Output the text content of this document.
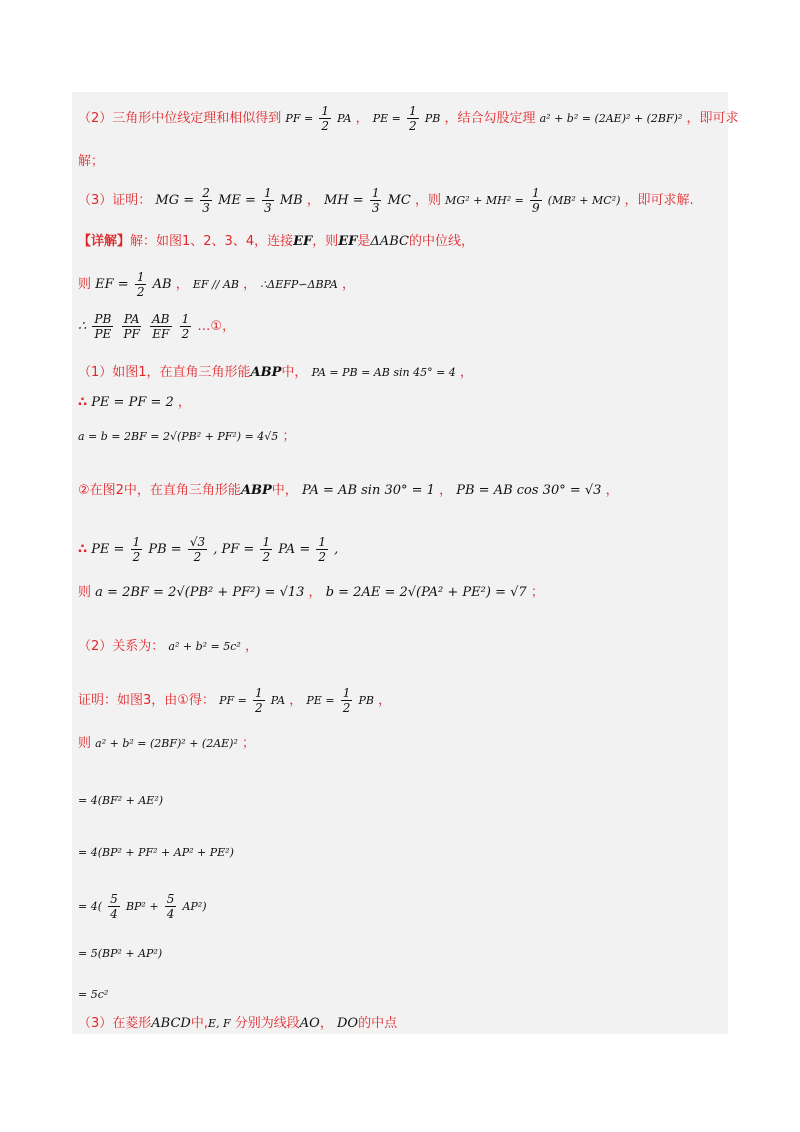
（2）三角形中位线定理和相似得到 PF = $\frac{1}{2}$ PA ， PE = $\frac{1}{2}$ PB ，结合勾股定理 a² + b² = (2AE)² + (2BF)² ，即可求
解；
（3）证明： MG = $\frac{2}{3}$ ME = $\frac{1}{3}$ MB ， MH = $\frac{1}{3}$ MC ，则 $MG^2 + MH^2 = \frac{1}{9} (MB^2 + MC^2)$ ，即可求解.
【详解】解：如图1、2、3、4，连接EF，则EF是ΔABC的中位线，
则 EF = $\frac{1}{2}$ AB ， EF // AB ， ∴ΔEFP∽ΔBPA ，
∴ $\frac{PB}{PE}$
$\frac{PA}{PF}$
$\frac{AB}{EF}$
$\frac{1}{2}$ …①，
（1）如图1，在直角三角形能ABP中， PA = PB = AB sin 45° = 4 ，
∴ PE = PF = 2 ，
a = b = 2BF = 2√(PB² + PF²) = 4√5 ；
②在图2中，在直角三角形能ABP中， PA = AB sin 30° = 1 ， PB = AB cos 30° = √3 ，
∴ PE = $\frac{1}{2}$ PB = $\frac{√3}{2}$ , PF = $\frac{1}{2}$ PA = $\frac{1}{2}$ ,
则 a = 2BF = 2√(PB² + PF²) = √13 ， b = 2AE = 2√(PA² + PE²) = √7 ；
（2）关系为： a² + b² = 5c² ，
证明：如图3，由①得： PF = $\frac{1}{2}$ PA ， PE = $\frac{1}{2}$ PB ，
则 a² + b² = (2BF)² + (2AE)² ；
= 4(BF² + AE²)
= 4(BP² + PF² + AP² + PE²)
= $4( \frac{5}{4} BP^2 + \frac{5}{4} AP^2)$
= 5(BP² + AP²)
= 5c²
（3）在菱形ABCD中,E, F 分别为线段AO， DO的中点
